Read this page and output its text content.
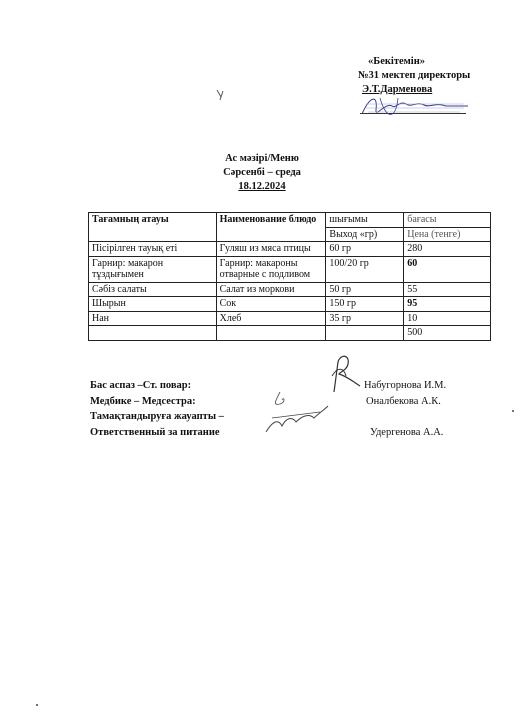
«Бекітемін»
№31 мектеп директоры
Э.Т.Дарменова
Ас мәзірі/Меню
Сәрсенбі – среда
18.12.2024
Тағамның атауы	Наименование блюдо	шығымы	бағасы
		Выход «гр)	Цена (тенге)
Пісірілген тауық еті	Гуляш из мяса птицы	60 гр	280
Гарнир: макарон тұздығымен	Гарнир: макароны отварные с подливом	100/20 гр	60
Сәбіз салаты	Салат из моркови	50 гр	55
Шырын	Сок	150 гр	95
Нан	Хлеб	35 гр	10
			500
Бас аспаз –Ст. повар:
Медбике – Медсестра:
Тамақтандыруға жауапты –
Ответственный за питание
Набугорнова И.М.
Оналбекова А.К.
Удергенова А.А.
